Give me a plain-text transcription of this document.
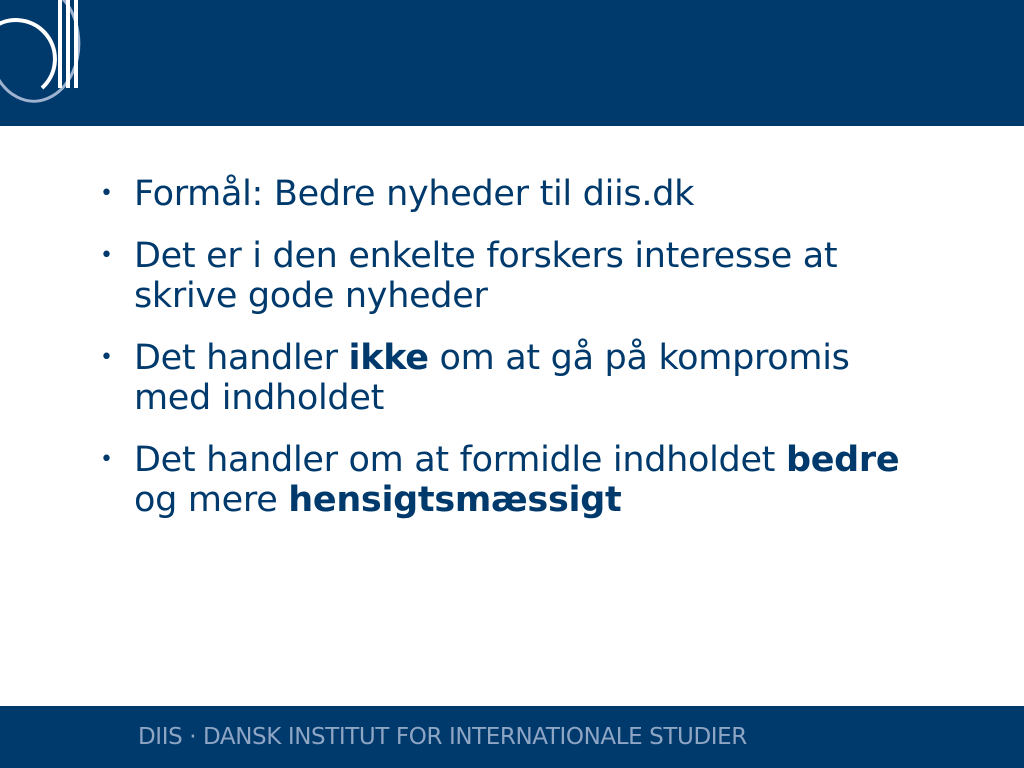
• Formål: Bedre nyheder til diis.dk
• Det er i den enkelte forskers interesse at skrive gode nyheder
• Det handler ikke om at gå på kompromis med indholdet
• Det handler om at formidle indholdet bedre og mere hensigtsmæssigt
DIIS · DANSK INSTITUT FOR INTERNATIONALE STUDIER
